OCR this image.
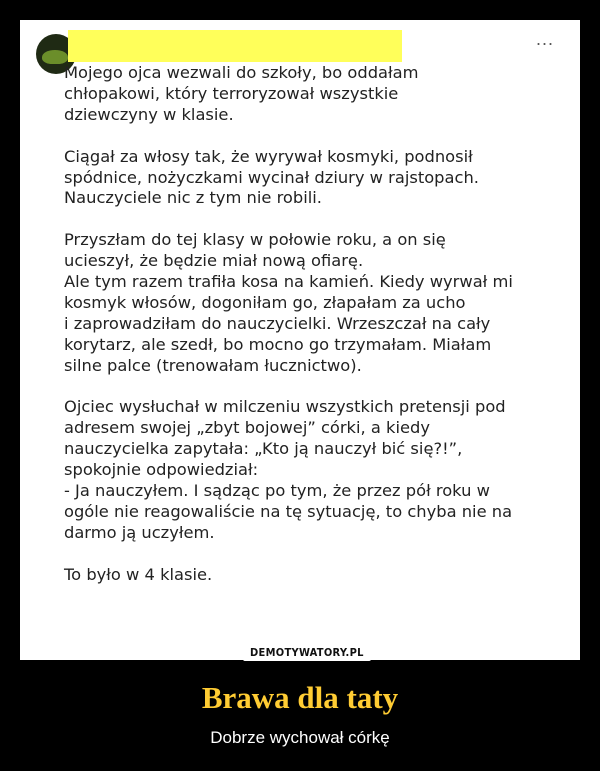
...

Mojego ojca wezwali do szkoły, bo oddałam
chłopakowi, który terroryzował wszystkie
dziewczyny w klasie.

Ciągał za włosy tak, że wyrywał kosmyki, podnosił
spódnice, nożyczkami wycinał dziury w rajstopach.
Nauczyciele nic z tym nie robili.

Przyszłam do tej klasy w połowie roku, a on się
ucieszył, że będzie miał nową ofiarę.
Ale tym razem trafiła kosa na kamień. Kiedy wyrwał mi
kosmyk włosów, dogoniłam go, złapałam za ucho
i zaprowadziłam do nauczycielki. Wrzeszczał na cały
korytarz, ale szedł, bo mocno go trzymałam. Miałam
silne palce (trenowałam łucznictwo).

Ojciec wysłuchał w milczeniu wszystkich pretensji pod
adresem swojej „zbyt bojowej” córki, a kiedy
nauczycielka zapytała: „Kto ją nauczył bić się?!”,
spokojnie odpowiedział:
- Ja nauczyłem. I sądząc po tym, że przez pół roku w
ogóle nie reagowaliście na tę sytuację, to chyba nie na
darmo ją uczyłem.

To było w 4 klasie.

DEMOTYWATORY.PL
Brawa dla taty
Dobrze wychował córkę
